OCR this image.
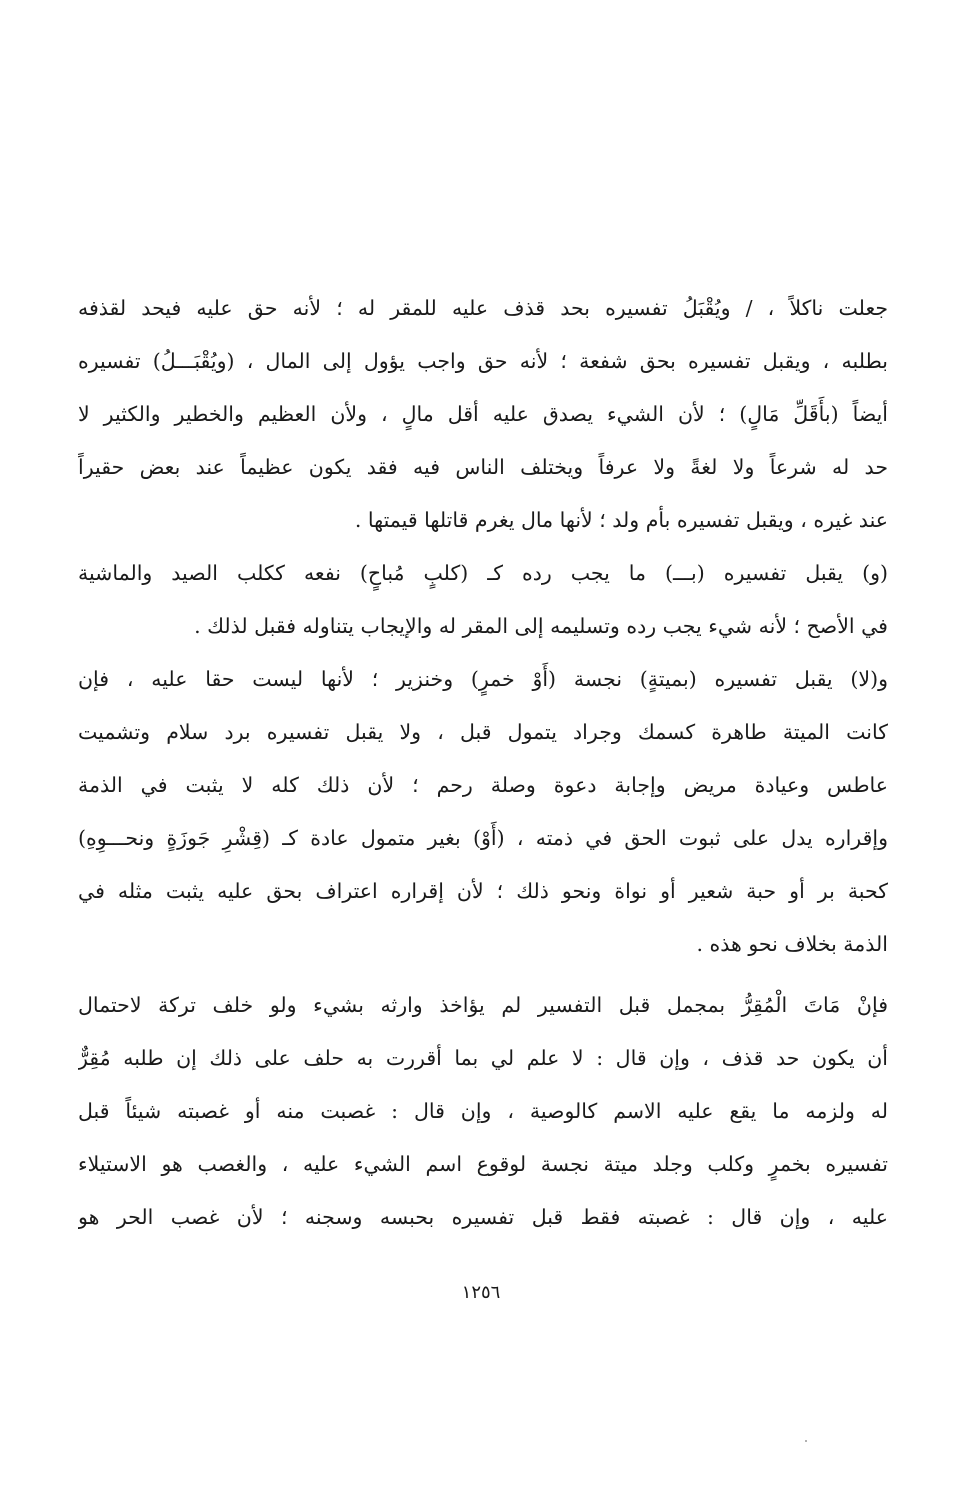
جعلت ناكلاً ، / ويُقْبَلُ تفسيره بحد قذف عليه للمقر له ؛ لأنه حق عليه فيحد لقذفه
بطلبه ، ويقبل تفسيره بحق شفعة ؛ لأنه حق واجب يؤول إلى المال ، (ويُقْبَـــلُ) تفسيره
أيضاً (بأَقَلِّ مَالٍ) ؛ لأن الشيء يصدق عليه أقل مالٍ ، ولأن العظيم والخطير والكثير لا
حد له شرعاً ولا لغةً ولا عرفاً ويختلف الناس فيه فقد يكون عظيماً عند بعض حقيراً
عند غيره ، ويقبل تفسيره بأم ولد ؛ لأنها مال يغرم قاتلها قيمتها .
(و) يقبل تفسيره (بـــ) ما يجب رده كـ (كلبٍ مُباحٍ) نفعه ككلب الصيد والماشية
في الأصح ؛ لأنه شيء يجب رده وتسليمه إلى المقر له والإيجاب يتناوله فقبل لذلك .
و(لا) يقبل تفسيره (بميتةٍ) نجسة (أَوْ خمرٍ) وخنزير ؛ لأنها ليست حقا عليه ، فإن
كانت الميتة طاهرة كسمك وجراد يتمول قبل ، ولا يقبل تفسيره برد سلام وتشميت
عاطس وعيادة مريض وإجابة دعوة وصلة رحم ؛ لأن ذلك كله لا يثبت في الذمة
وإقراره يدل على ثبوت الحق في ذمته ، (أَوْ) بغير متمول عادة كـ (قِشْرِ جَوزَةٍ ونحـــوِهِ)
كحبة بر أو حبة شعير أو نواة ونحو ذلك ؛ لأن إقراره اعتراف بحق عليه يثبت مثله في
الذمة بخلاف نحو هذه .
فإنْ مَاتَ الْمُقِرُّ بمجمل قبل التفسير لم يؤاخذ وارثه بشيء ولو خلف تركة لاحتمال
أن يكون حد قذف ، وإن قال : لا علم لي بما أقررت به حلف على ذلك إن طلبه مُقِرٌّ
له ولزمه ما يقع عليه الاسم كالوصية ، وإن قال : غصبت منه أو غصبته شيئاً قبل
تفسيره بخمرٍ وكلب وجلد ميتة نجسة لوقوع اسم الشيء عليه ، والغصب هو الاستيلاء
عليه ، وإن قال : غصبته فقط قبل تفسيره بحبسه وسجنه ؛ لأن غصب الحر هو
١٢٥٦
